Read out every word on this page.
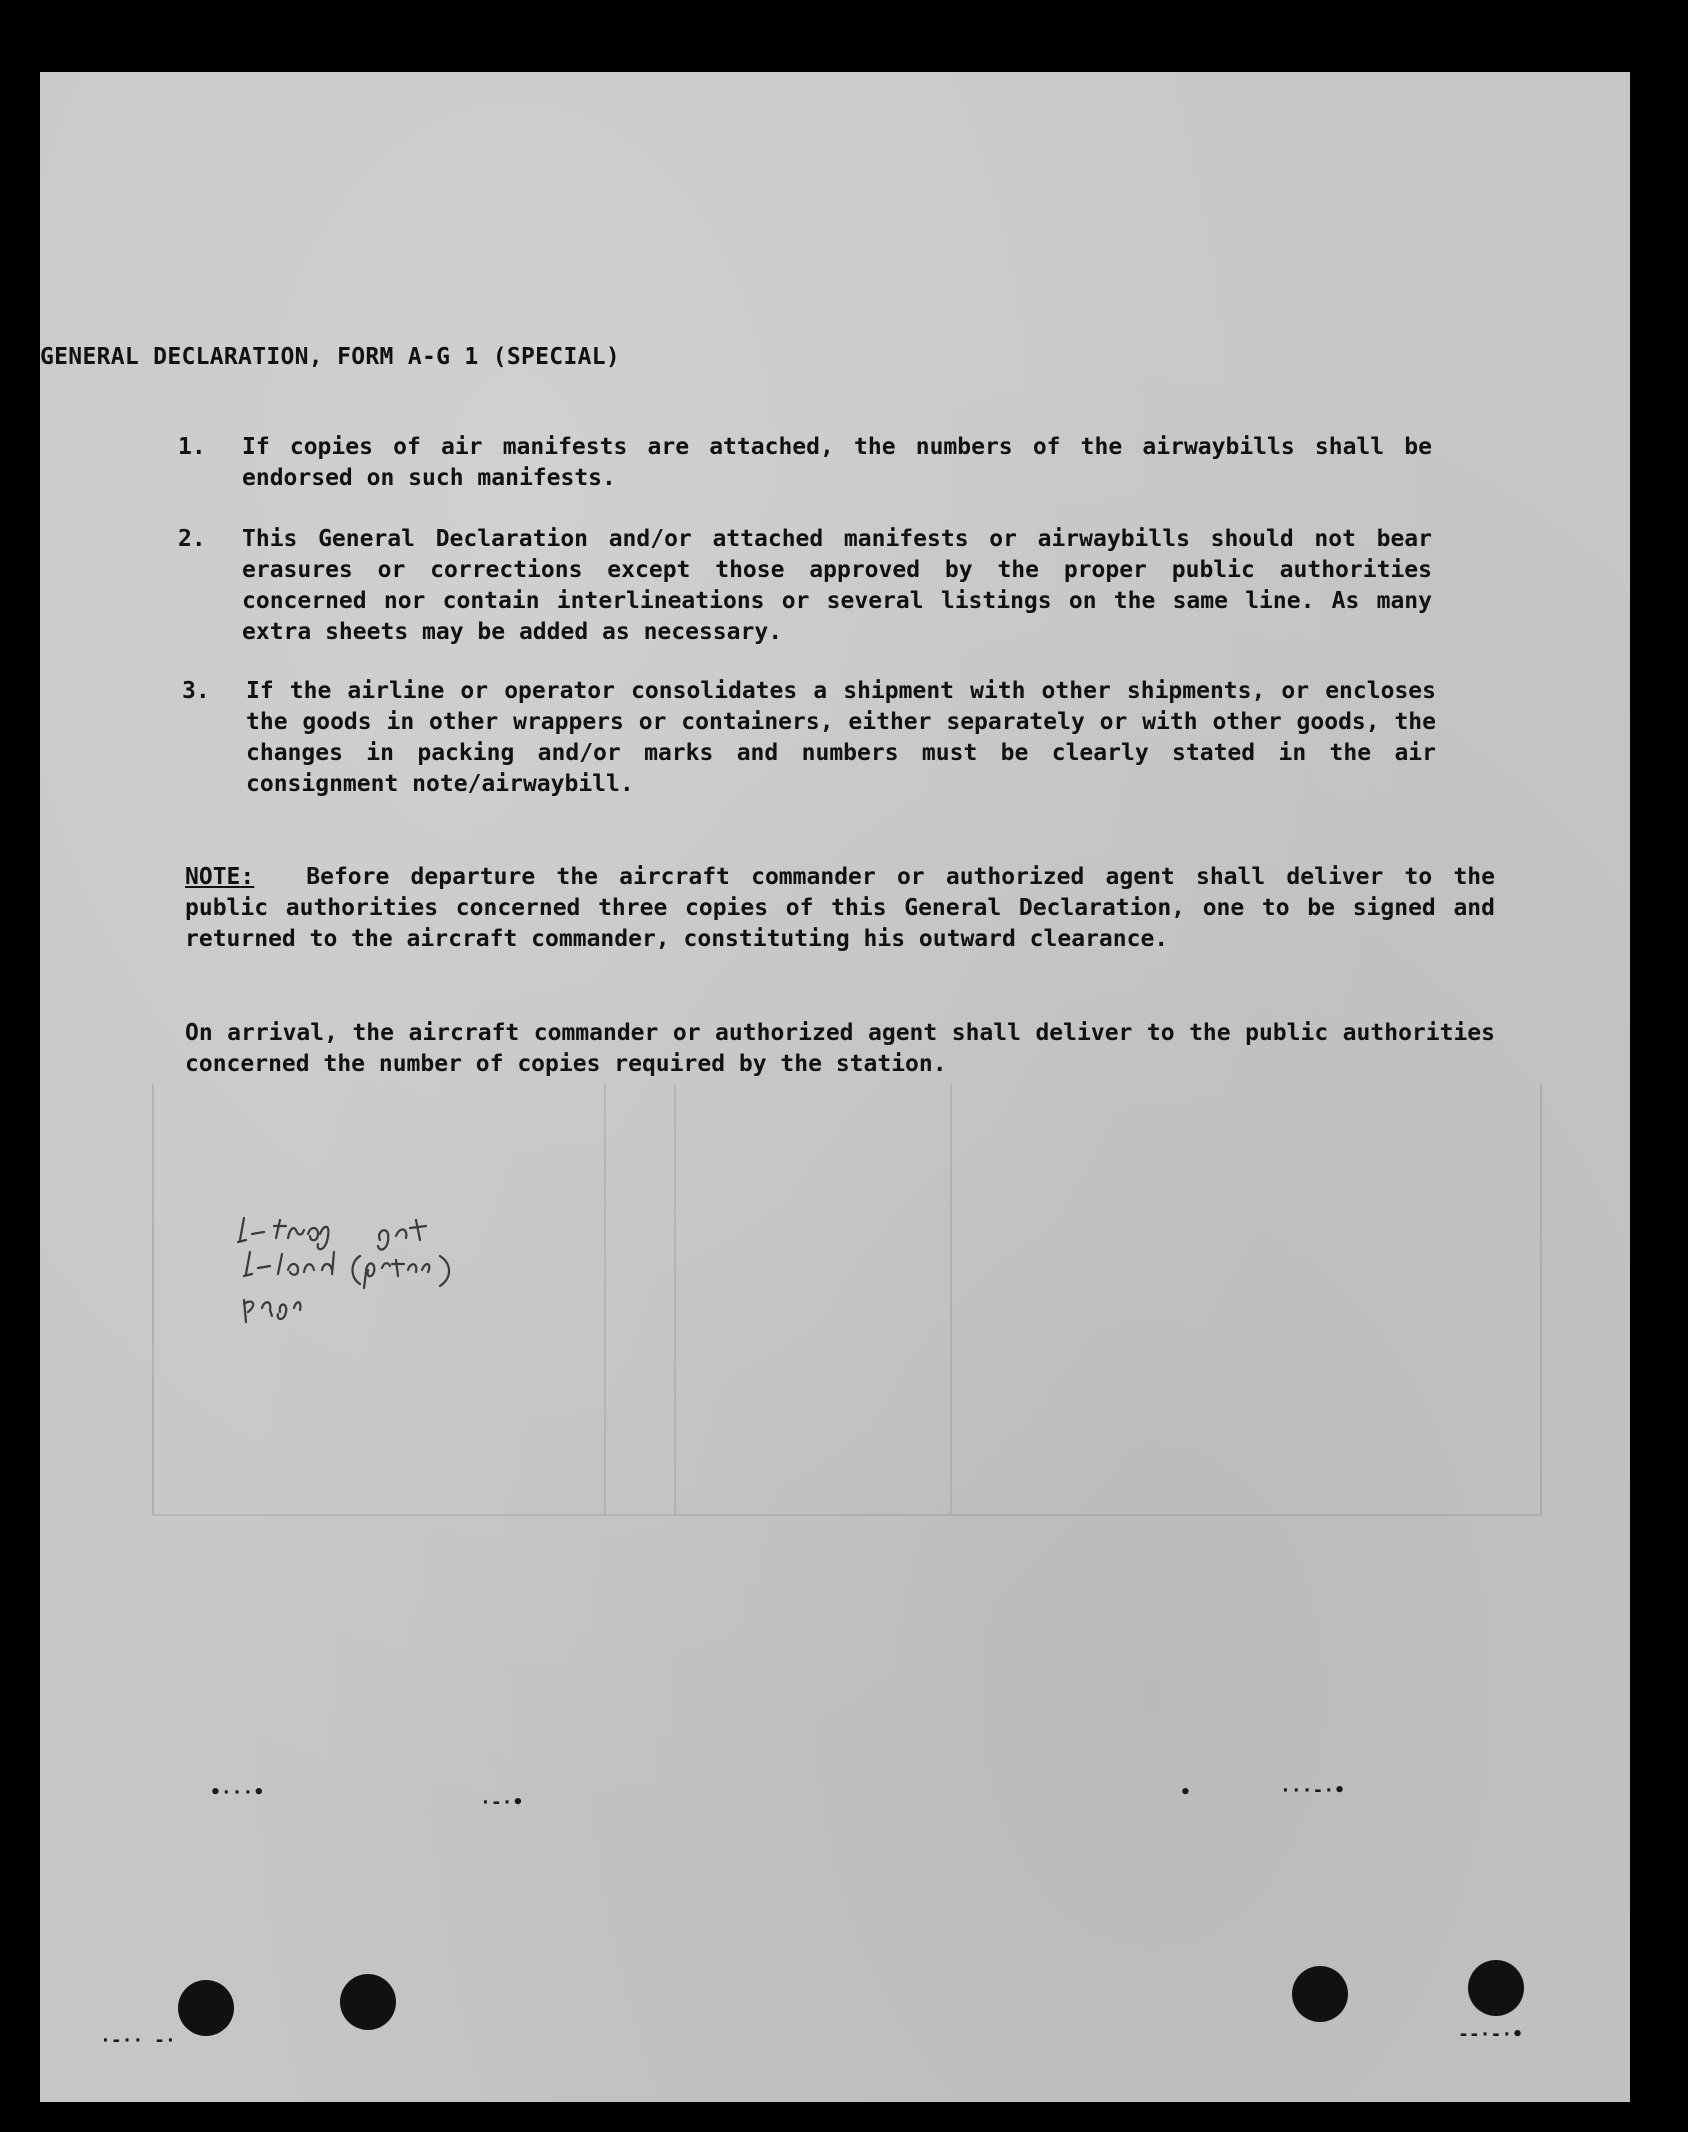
GENERAL DECLARATION, FORM A-G 1 (SPECIAL)
1. If copies of air manifests are attached, the numbers of the airwaybills shall be endorsed on such manifests.

2. This General Declaration and/or attached manifests or airwaybills should not bear erasures or corrections except those approved by the proper public authorities concerned nor contain interlineations or several listings on the same line. As many extra sheets may be added as necessary.

3. If the airline or operator consolidates a shipment with other shipments, or encloses the goods in other wrappers or containers, either separately or with other goods, the changes in packing and/or marks and numbers must be clearly stated in the air consignment note/airwaybill.

NOTE: Before departure the aircraft commander or authorized agent shall deliver to the public authorities concerned three copies of this General Declaration, one to be signed and returned to the aircraft commander, constituting his outward clearance.

On arrival, the aircraft commander or authorized agent shall deliver to the public authorities concerned the number of copies required by the station.

•···•	·-·•	•	···-·•
·-·· -·	--·-·•
